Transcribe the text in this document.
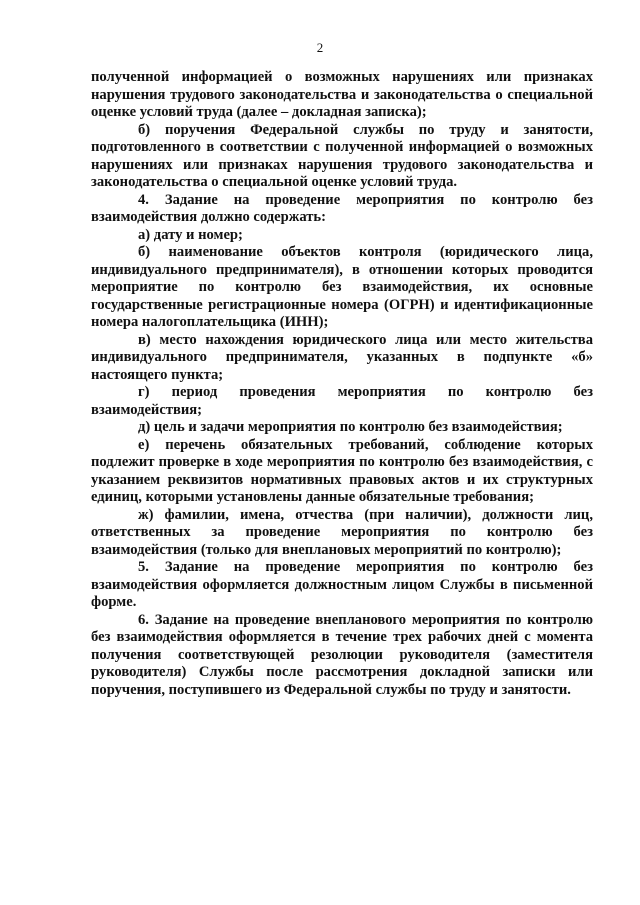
2

полученной информацией о возможных нарушениях или признаках нарушения трудового законодательства и законодательства о специальной оценке условий труда (далее – докладная записка);

б) поручения Федеральной службы по труду и занятости, подготовленного в соответствии с полученной информацией о возможных нарушениях или признаках нарушения трудового законодательства и законодательства о специальной оценке условий труда.

4. Задание на проведение мероприятия по контролю без взаимодействия должно содержать:

а) дату и номер;

б) наименование объектов контроля (юридического лица, индивидуального предпринимателя), в отношении которых проводится мероприятие по контролю без взаимодействия, их основные государственные регистрационные номера (ОГРН) и идентификационные номера налогоплательщика (ИНН);

в) место нахождения юридического лица или место жительства индивидуального предпринимателя, указанных в подпункте «б» настоящего пункта;

г) период проведения мероприятия по контролю без взаимодействия;

д) цель и задачи мероприятия по контролю без взаимодействия;

е) перечень обязательных требований, соблюдение которых подлежит проверке в ходе мероприятия по контролю без взаимодействия, с указанием реквизитов нормативных правовых актов и их структурных единиц, которыми установлены данные обязательные требования;

ж) фамилии, имена, отчества (при наличии), должности лиц, ответственных за проведение мероприятия по контролю без взаимодействия (только для внеплановых мероприятий по контролю);

5. Задание на проведение мероприятия по контролю без взаимодействия оформляется должностным лицом Службы в письменной форме.

6. Задание на проведение внепланового мероприятия по контролю без взаимодействия оформляется в течение трех рабочих дней с момента получения соответствующей резолюции руководителя (заместителя руководителя) Службы после рассмотрения докладной записки или поручения, поступившего из Федеральной службы по труду и занятости.
